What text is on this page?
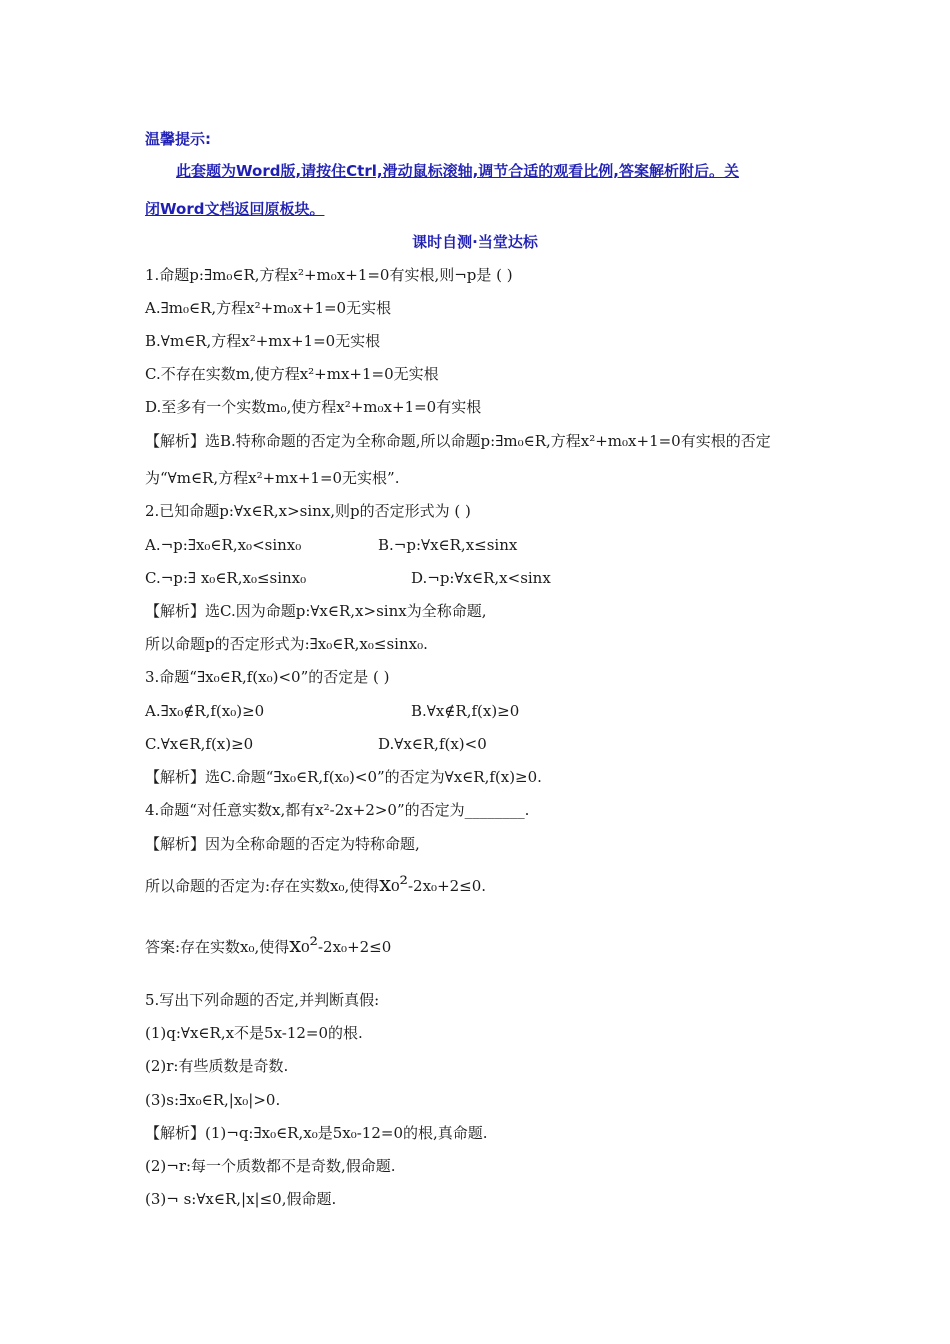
温馨提示:
此套题为Word版,请按住Ctrl,滑动鼠标滚轴,调节合适的观看比例,答案解析附后。关
闭Word文档返回原板块。
课时自测·当堂达标
1.命题p:∃m₀∈R,方程x²+m₀x+1=0有实根,则¬p是 ( )
A.∃m₀∈R,方程x²+m₀x+1=0无实根
B.∀m∈R,方程x²+mx+1=0无实根
C.不存在实数m,使方程x²+mx+1=0无实根
D.至多有一个实数m₀,使方程x²+m₀x+1=0有实根
【解析】选B.特称命题的否定为全称命题,所以命题p:∃m₀∈R,方程x²+m₀x+1=0有实根的否定
为“∀m∈R,方程x²+mx+1=0无实根”.
2.已知命题p:∀x∈R,x>sinx,则p的否定形式为 ( )
A.¬p:∃x₀∈R,x₀<sinx₀	B.¬p:∀x∈R,x≤sinx
C.¬p:∃ x₀∈R,x₀≤sinx₀	D.¬p:∀x∈R,x<sinx
【解析】选C.因为命题p:∀x∈R,x>sinx为全称命题,
所以命题p的否定形式为:∃x₀∈R,x₀≤sinx₀.
3.命题“∃x₀∈R,f(x₀)<0”的否定是 ( )
A.∃x₀∉R,f(x₀)≥0	B.∀x∉R,f(x)≥0
C.∀x∈R,f(x)≥0	D.∀x∈R,f(x)<0
【解析】选C.命题“∃x₀∈R,f(x₀)<0”的否定为∀x∈R,f(x)≥0.
4.命题“对任意实数x,都有x²-2x+2>0”的否定为________.
【解析】因为全称命题的否定为特称命题,
所以命题的否定为:存在实数x₀,使得x₀²-2x₀+2≤0.
答案:存在实数x₀,使得x₀²-2x₀+2≤0
5.写出下列命题的否定,并判断真假:
(1)q:∀x∈R,x不是5x-12=0的根.
(2)r:有些质数是奇数.
(3)s:∃x₀∈R,|x₀|>0.
【解析】(1)¬q:∃x₀∈R,x₀是5x₀-12=0的根,真命题.
(2)¬r:每一个质数都不是奇数,假命题.
(3)¬ s:∀x∈R,|x|≤0,假命题.
